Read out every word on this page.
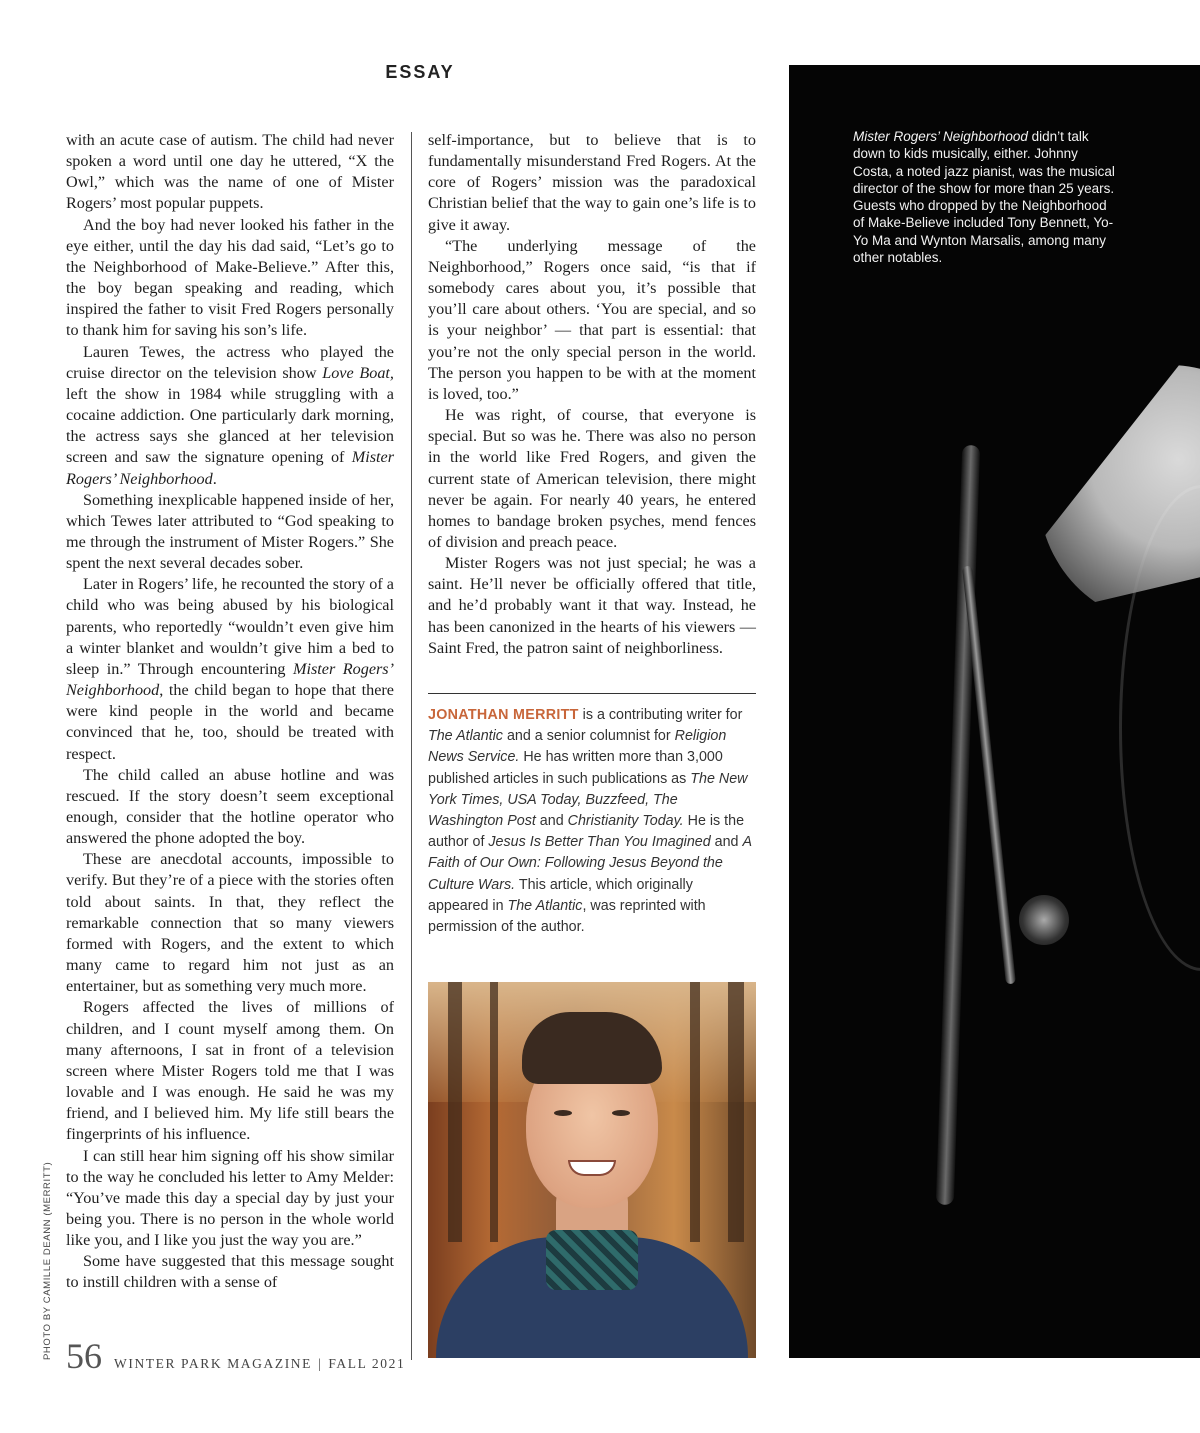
ESSAY

with an acute case of autism. The child had never spoken a word until one day he uttered, “X the Owl,” which was the name of one of Mister Rogers’ most popular puppets.

And the boy had never looked his father in the eye either, until the day his dad said, “Let’s go to the Neighborhood of Make-Believe.” After this, the boy began speaking and reading, which inspired the father to visit Fred Rogers personally to thank him for saving his son’s life.

Lauren Tewes, the actress who played the cruise director on the television show Love Boat, left the show in 1984 while struggling with a cocaine addiction. One particularly dark morning, the actress says she glanced at her television screen and saw the signature opening of Mister Rogers’ Neighborhood.

Something inexplicable happened inside of her, which Tewes later attributed to “God speaking to me through the instrument of Mister Rogers.” She spent the next several decades sober.

Later in Rogers’ life, he recounted the story of a child who was being abused by his biological parents, who reportedly “wouldn’t even give him a winter blanket and wouldn’t give him a bed to sleep in.” Through encountering Mister Rogers’ Neighborhood, the child began to hope that there were kind people in the world and became convinced that he, too, should be treated with respect.

The child called an abuse hotline and was rescued. If the story doesn’t seem exceptional enough, consider that the hotline operator who answered the phone adopted the boy.

These are anecdotal accounts, impossible to verify. But they’re of a piece with the stories often told about saints. In that, they reflect the remarkable connection that so many viewers formed with Rogers, and the extent to which many came to regard him not just as an entertainer, but as something very much more.

Rogers affected the lives of millions of children, and I count myself among them. On many afternoons, I sat in front of a television screen where Mister Rogers told me that I was lovable and I was enough. He said he was my friend, and I believed him. My life still bears the fingerprints of his influence.

I can still hear him signing off his show similar to the way he concluded his letter to Amy Melder: “You’ve made this day a special day by just your being you. There is no person in the whole world like you, and I like you just the way you are.”

Some have suggested that this message sought to instill children with a sense of

self-importance, but to believe that is to fundamentally misunderstand Fred Rogers. At the core of Rogers’ mission was the paradoxical Christian belief that the way to gain one’s life is to give it away.

“The underlying message of the Neighborhood,” Rogers once said, “is that if somebody cares about you, it’s possible that you’ll care about others. ‘You are special, and so is your neighbor’ — that part is essential: that you’re not the only special person in the world. The person you happen to be with at the moment is loved, too.”

He was right, of course, that everyone is special. But so was he. There was also no person in the world like Fred Rogers, and given the current state of American television, there might never be again. For nearly 40 years, he entered homes to bandage broken psyches, mend fences of division and preach peace.

Mister Rogers was not just special; he was a saint. He’ll never be officially offered that title, and he’d probably want it that way. Instead, he has been canonized in the hearts of his viewers — Saint Fred, the patron saint of neighborliness.

JONATHAN MERRITT is a contributing writer for The Atlantic and a senior columnist for Religion News Service. He has written more than 3,000 published articles in such publications as The New York Times, USA Today, Buzzfeed, The Washington Post and Christianity Today. He is the author of Jesus Is Better Than You Imagined and A Faith of Our Own: Following Jesus Beyond the Culture Wars. This article, which originally appeared in The Atlantic, was reprinted with permission of the author.
Mister Rogers’ Neighborhood didn’t talk down to kids musically, either. Johnny Costa, a noted jazz pianist, was the musical director of the show for more than 25 years. Guests who dropped by the Neighborhood of Make-Believe included Tony Bennett, Yo-Yo Ma and Wynton Marsalis, among many other notables.
PHOTO BY CAMILLE DEANN (MERRITT) 56 WINTER PARK MAGAZINE | FALL 2021
